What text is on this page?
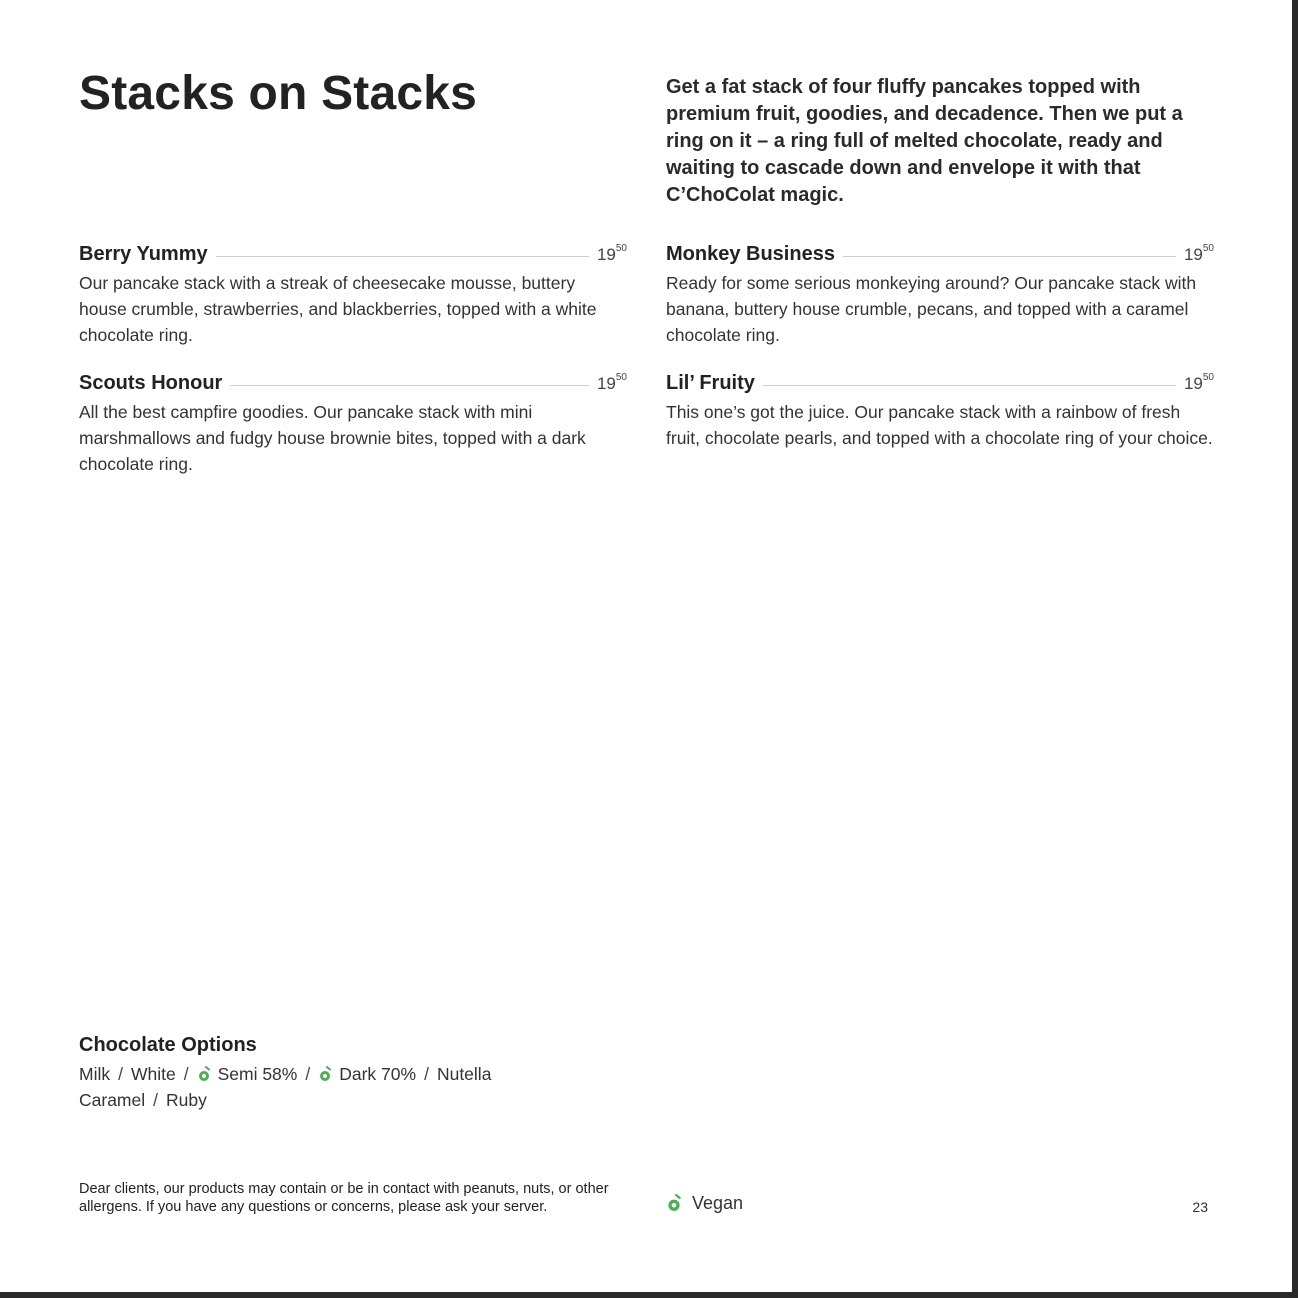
Stacks on Stacks	Get a fat stack of four fluffy pancakes topped with premium fruit, goodies, and decadence. Then we put a ring on it – a ring full of melted chocolate, ready and waiting to cascade down and envelope it with that C’ChoColat magic.

Berry Yummy	$19^{50}$

Our pancake stack with a streak of cheesecake mousse, buttery house crumble, strawberries, and blackberries, topped with a white chocolate ring.

Monkey Business	$19^{50}$

Ready for some serious monkeying around? Our pancake stack with banana, buttery house crumble, pecans, and topped with a caramel chocolate ring.

Scouts Honour	$19^{50}$

All the best campfire goodies. Our pancake stack with mini marshmallows and fudgy house brownie bites, topped with a dark chocolate ring.

Lil’ Fruity	$19^{50}$

This one’s got the juice. Our pancake stack with a rainbow of fresh fruit, chocolate pearls, and topped with a chocolate ring of your choice.

Chocolate Options
Milk / White / Semi 58% / Dark 70% / Nutella
Caramel / Ruby

Dear clients, our products may contain or be in contact with peanuts, nuts, or other allergens. If you have any questions or concerns, please ask your server.	Vegan	23
